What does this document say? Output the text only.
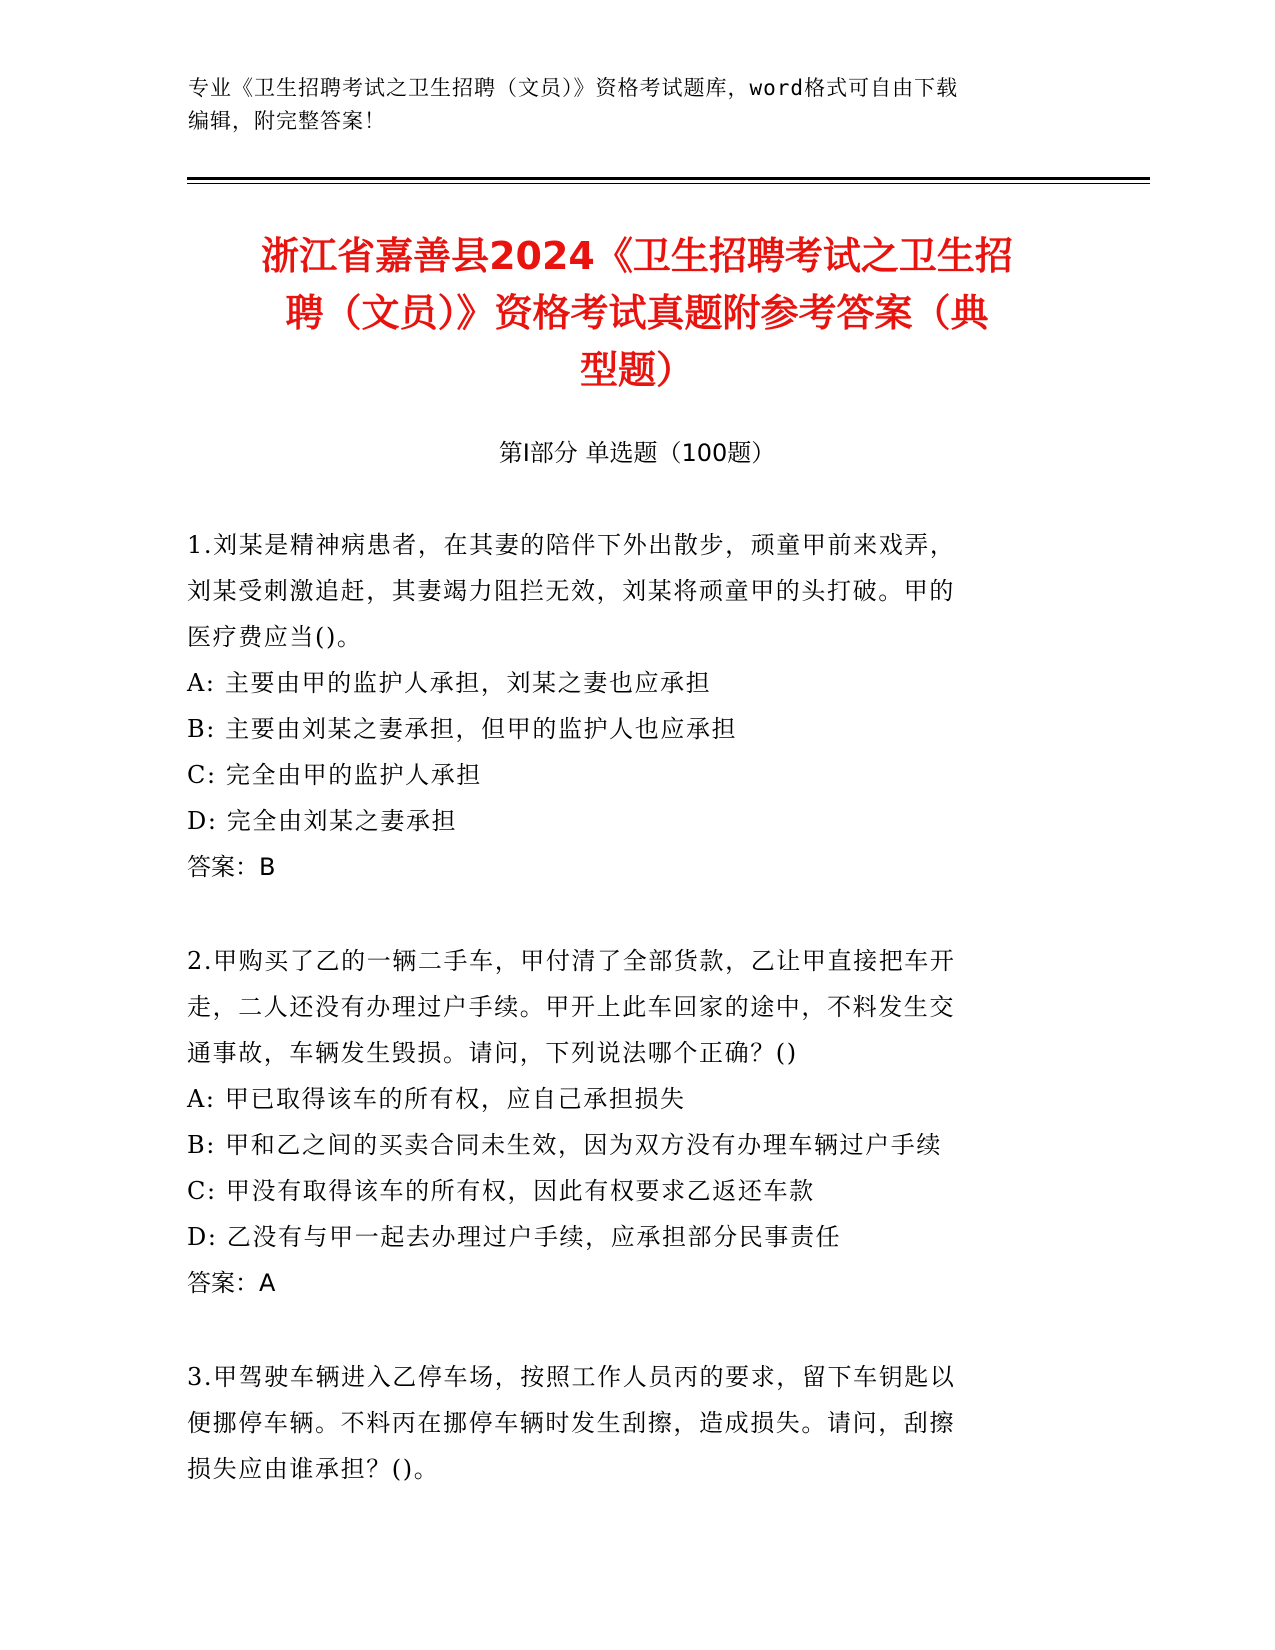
专业《卫生招聘考试之卫生招聘（文员）》资格考试题库，word格式可自由下载
编辑，附完整答案！
浙江省嘉善县2024《卫生招聘考试之卫生招
聘（文员）》资格考试真题附参考答案（典
型题）
第I部分 单选题（100题）

1.刘某是精神病患者，在其妻的陪伴下外出散步，顽童甲前来戏弄，

刘某受刺激追赶，其妻竭力阻拦无效，刘某将顽童甲的头打破。甲的

医疗费应当()。

A: 主要由甲的监护人承担，刘某之妻也应承担

B: 主要由刘某之妻承担，但甲的监护人也应承担

C: 完全由甲的监护人承担

D: 完全由刘某之妻承担

答案：B

2.甲购买了乙的一辆二手车，甲付清了全部货款，乙让甲直接把车开

走，二人还没有办理过户手续。甲开上此车回家的途中，不料发生交

通事故，车辆发生毁损。请问，下列说法哪个正确？()

A: 甲已取得该车的所有权，应自己承担损失

B: 甲和乙之间的买卖合同未生效，因为双方没有办理车辆过户手续

C: 甲没有取得该车的所有权，因此有权要求乙返还车款

D: 乙没有与甲一起去办理过户手续，应承担部分民事责任

答案：A

3.甲驾驶车辆进入乙停车场，按照工作人员丙的要求，留下车钥匙以

便挪停车辆。不料丙在挪停车辆时发生刮擦，造成损失。请问，刮擦

损失应由谁承担？()。
